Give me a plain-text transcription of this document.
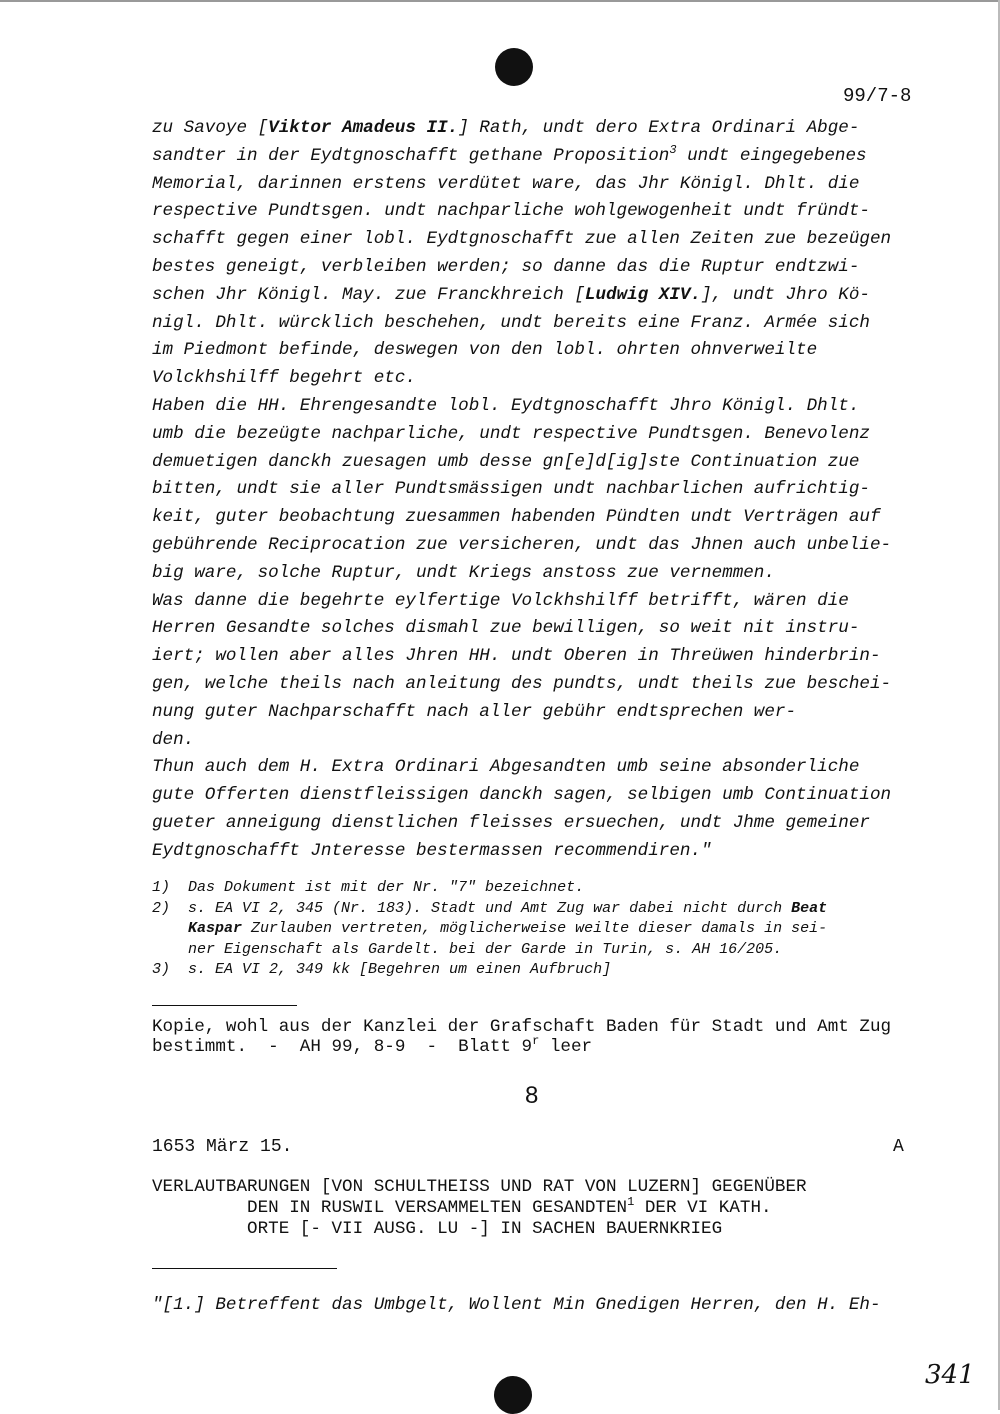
99/7-8
zu Savoye [Viktor Amadeus II.] Rath, undt dero Extra Ordinari Abge-
sandter in der Eydtgnoschafft gethane Proposition$^3$ undt eingegebenes
Memorial, darinnen erstens verdütet ware, das Jhr Königl. Dhlt. die
respective Pundtsgen. undt nachparliche wohlgewogenheit undt fründt-
schafft gegen einer lobl. Eydtgnoschafft zue allen Zeiten zue bezeügen
bestes geneigt, verbleiben werden; so danne das die Ruptur endtzwi-
schen Jhr Königl. May. zue Franckhreich [Ludwig XIV.], undt Jhro Kö-
nigl. Dhlt. würcklich beschehen, undt bereits eine Franz. Armée sich
im Piedmont befinde, deswegen von den lobl. ohrten ohnverweilte
Volckhshilff begehrt etc.
Haben die HH. Ehrengesandte lobl. Eydtgnoschafft Jhro Königl. Dhlt.
umb die bezeügte nachparliche, undt respective Pundtsgen. Benevolenz
demuetigen danckh zuesagen umb desse gn[e]d[ig]ste Continuation zue
bitten, undt sie aller Pundtsmässigen undt nachbarlichen aufrichtig-
keit, guter beobachtung zuesammen habenden Pündten undt Verträgen auf
gebührende Reciprocation zue versicheren, undt das Jhnen auch unbelie-
big ware, solche Ruptur, undt Kriegs anstoss zue vernemmen.
Was danne die begehrte eylfertige Volckhshilff betrifft, wären die
Herren Gesandte solches dismahl zue bewilligen, so weit nit instru-
iert; wollen aber alles Jhren HH. undt Oberen in Threüwen hinderbrin-
gen, welche theils nach anleitung des pundts, undt theils zue beschei-
nung guter Nachparschafft nach aller gebühr endtsprechen wer-
den.
Thun auch dem H. Extra Ordinari Abgesandten umb seine absonderliche
gute Offerten dienstfleissigen danckh sagen, selbigen umb Continuation
gueter anneigung dienstlichen fleisses ersuechen, undt Jhme gemeiner
Eydtgnoschafft Jnteresse bestermassen recommendiren."
1)  Das Dokument ist mit der Nr. "7" bezeichnet.
2)  s. EA VI 2, 345 (Nr. 183). Stadt und Amt Zug war dabei nicht durch Beat
Kaspar Zurlauben vertreten, möglicherweise weilte dieser damals in sei-
ner Eigenschaft als Gardelt. bei der Garde in Turin, s. AH 16/205.
3)  s. EA VI 2, 349 kk [Begehren um einen Aufbruch]
Kopie, wohl aus der Kanzlei der Grafschaft Baden für Stadt und Amt Zug
bestimmt.  -  AH 99, 8-9  -  Blatt 9$^r$ leer
8
1653 März 15.	A
VERLAUTBARUNGEN [VON SCHULTHEISS UND RAT VON LUZERN] GEGENÜBER
DEN IN RUSWIL VERSAMMELTEN GESANDTEN$^1$ DER VI KATH.
ORTE [- VII AUSG. LU -] IN SACHEN BAUERNKRIEG
"[1.] Betreffent das Umbgelt, Wollent Min Gnedigen Herren, den H. Eh-
341
